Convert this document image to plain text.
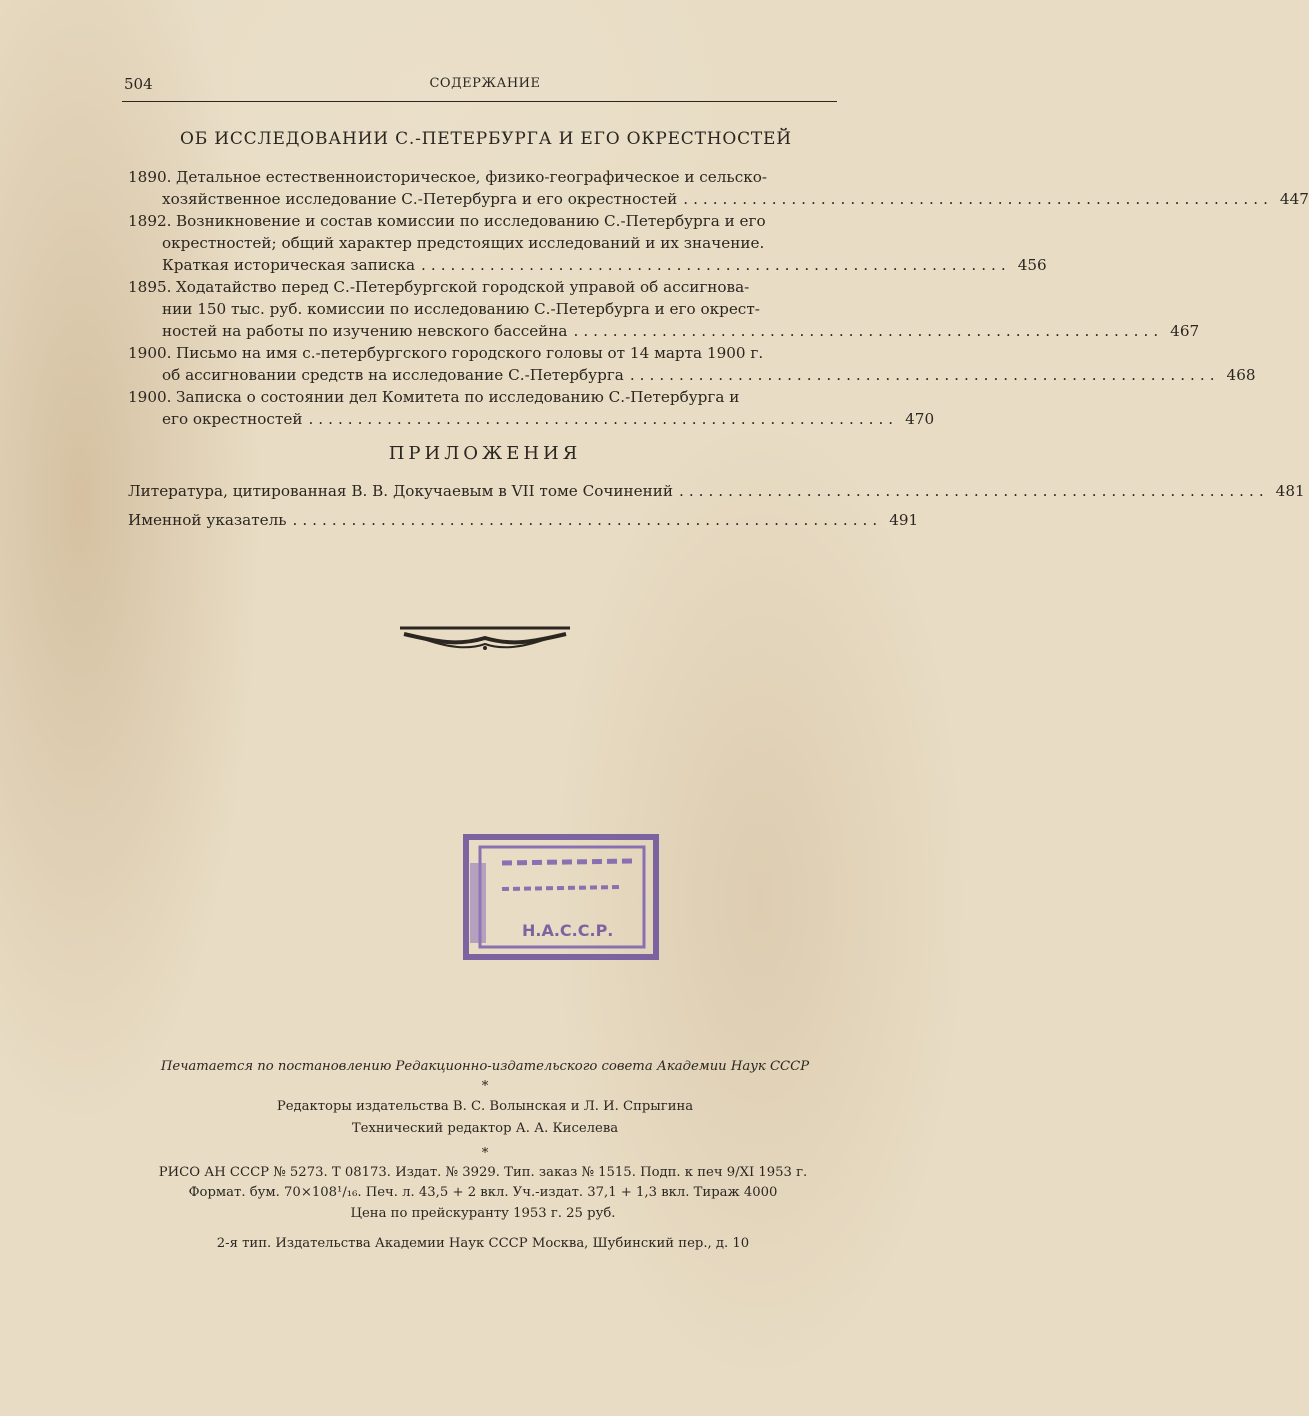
504	СОДЕРЖАНИЕ
ОБ ИССЛЕДОВАНИИ С.-ПЕТЕРБУРГА И ЕГО ОКРЕСТНОСТЕЙ
1890. Детальное естественноисторическое, физико-географическое и сельско-
хозяйственное исследование С.-Петербурга и его окрестностей ............................................................ 447
1892. Возникновение и состав комиссии по исследованию С.-Петербурга и его
окрестностей; общий характер предстоящих исследований и их значение.
Краткая историческая записка ............................................................ 456
1895. Ходатайство перед С.-Петербургской городской управой об ассигнова-
нии 150 тыс. руб. комиссии по исследованию С.-Петербурга и его окрест-
ностей на работы по изучению невского бассейна ............................................................ 467
1900. Письмо на имя с.-петербургского городского головы от 14 марта 1900 г.
об ассигновании средств на исследование С.-Петербурга ............................................................ 468
1900. Записка о состоянии дел Комитета по исследованию С.-Петербурга и
его окрестностей ............................................................ 470
ПРИЛОЖЕНИЯ
Литература, цитированная В. В. Докучаевым в VII томе Сочинений ............................................................ 481
Именной указатель ............................................................ 491
Н.А.С.С.Р.
Печатается по постановлению Редакционно-издательского совета Академии Наук СССР
*
Редакторы издательства В. С. Волынская и Л. И. Спрыгина
Технический редактор А. А. Киселева
*
РИСО АН СССР № 5273. Т 08173. Издат. № 3929. Тип. заказ № 1515. Подп. к печ 9/XI 1953 г.
Формат. бум. 70×108¹/₁₆. Печ. л. 43,5 + 2 вкл. Уч.-издат. 37,1 + 1,3 вкл. Тираж 4000
Цена по прейскуранту 1953 г. 25 руб.
2-я тип. Издательства Академии Наук СССР Москва, Шубинский пер., д. 10
